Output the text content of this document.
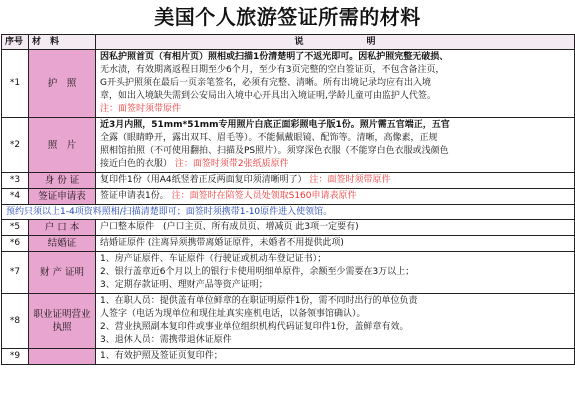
美国个人旅游签证所需的材料
序号	材　料	说　　　　　　　明
*1	护　照	因私护照首页（有相片页）照相或扫描1份清楚明了不返光即可。因私护照完整无破损、
无水渍，有效期离返程日期至少6个月，至少有3页完整的空白签证页，不包含备注页，
G开头护照须在最后一页亲笔签名，必须有完整、清晰。所有出境记录均应有出入境
章，如出入境缺失需到公安局出入境中心开具出入境证明,学龄儿童可由监护人代签。
注：面签时须带原件

*2	照　片	近3月内照，51mm*51mm专用照片白底正面彩照电子版1份。照片需五官端正，五官
全露（眼睛睁开，露出双耳、眉毛等）。不能佩戴眼镜、配饰等。清晰，高像素，正规
照相馆拍照（不可使用翻拍、扫描及PS照片）。须穿深色衣服（不能穿白色衣服或浅颜色
接近白色的衣服） 注：面签时须带2张纸质原件

*3	身 份 证	复印件1份（用A4纸竖着正反两面复印须清晰明了） 注：面签时须带原件

*4	签证申请表	签证申请表1份。 注：面签时在陪签人员处领取S160申请表原件

预约只须以上1-4项资料照相/扫描清楚即可；面签时须携带1-10原件进入使领馆。		
*5	户 口 本	户口整本原件　(户口主页、所有成员页、增减页 此3项一定要有)

*6	结婚证	结婚证原件 (注离异须携带离婚证原件，未婚者不用提供此项)

*7	财 产 证明	1、房产证原件、车证原件（行驶证或机动车登记证书）；
2、银行盖章近6个月以上的银行卡使用明细单原件，余额至少需要在3万以上；
3、定期存款证明、理财产品等资产证明；

*8	职业证明营业执照	1、在职人员：提供盖有单位鲜章的在职证明原件1份，需不同时出行的单位负责
人签字（电话为现单位和现住址真实座机电话，以备领事馆确认）。
2、营业执照副本复印件或事业单位组织机构代码证复印件1份，盖鲜章有效。
3、退休人员：需携带退休证原件

*9		1、有效护照及签证页复印件；
